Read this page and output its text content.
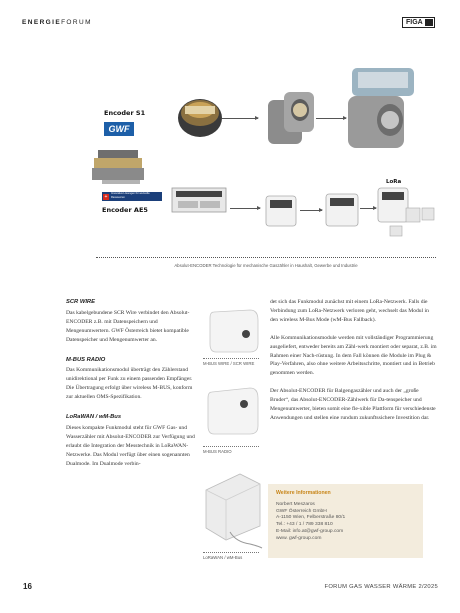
ENERGIEFORUM	FIGA
Encoder S1
GWF
+	Innovative Lösungen für wertvolle Ressourcen
Encoder AE5
LoRa
Absolut-ENCODER Technologie für mechanische Gaszähler in Haushalt, Gewerbe und Industrie
SCR WIRE

Das kabelgebundene SCR Wire verbindet den Absolut-ENCODER z.B. mit Datenspeichern und Mengenumwertern. GWF Österreich bietet kompatible Datenspeicher und Mengenumwerter an.

M-BUS RADIO

Das Kommunikationsmodul überträgt den Zählerstand unidirektional per Funk zu einem passenden Empfänger. Die Übertragung erfolgt über wireless M-BUS, konform zur aktuellen OMS-Spezifikation.

LoRaWAN / wM-Bus

Dieses kompakte Funkmodul steht für GWF Gas- und Wasserzähler mit Absolut-ENCODER zur Verfügung und erlaubt die Integration der Messtechnik in LoRaWAN-Netzwerke. Das Modul verfügt über einen sogenannten Dualmode. Im Dualmode verbin-

M-BUS WIRE / SCR WIRE
M-BUS RADIO
LoRaWAN / wM-Bus

det sich das Funkmodul zunächst mit einem LoRa-Netzwerk. Falls die Verbindung zum LoRa-Netzwerk verloren geht, wechselt das Modul in den wireless M-Bus Mode (wM-Bus Fallback).

Alle Kommunikationsmodule werden mit vollständiger Programmierung ausgeliefert, entweder bereits am Zähl-werk montiert oder separat, z.B. im Rahmen einer Nach-rüstung. In dem Fall können die Module im Plug & Play-Verfahren, also ohne weitere Arbeitsschritte, montiert und in Betrieb genommen werden.

Der Absolut-ENCODER für Balgengaszähler und auch der „große Bruder“, das Absolut-ENCODER-Zählwerk für Da-tenspeicher und Mengenumwerter, bieten somit eine fle-xible Plattform für verschiedenste Anwendungen und stellen eine rundum zukunftssichere Investition dar.

Weitere Informationen
Norbert Meszaros
GWF Österreich GmbH
A-1150 Wien, Felberstraße 80/1
Tel.: +43 / 1 / 789 338 810
E-Mail: info.at@gwf-group.com
www. gwf-group.com
16	FORUM GAS WASSER WÄRME 2/2025
